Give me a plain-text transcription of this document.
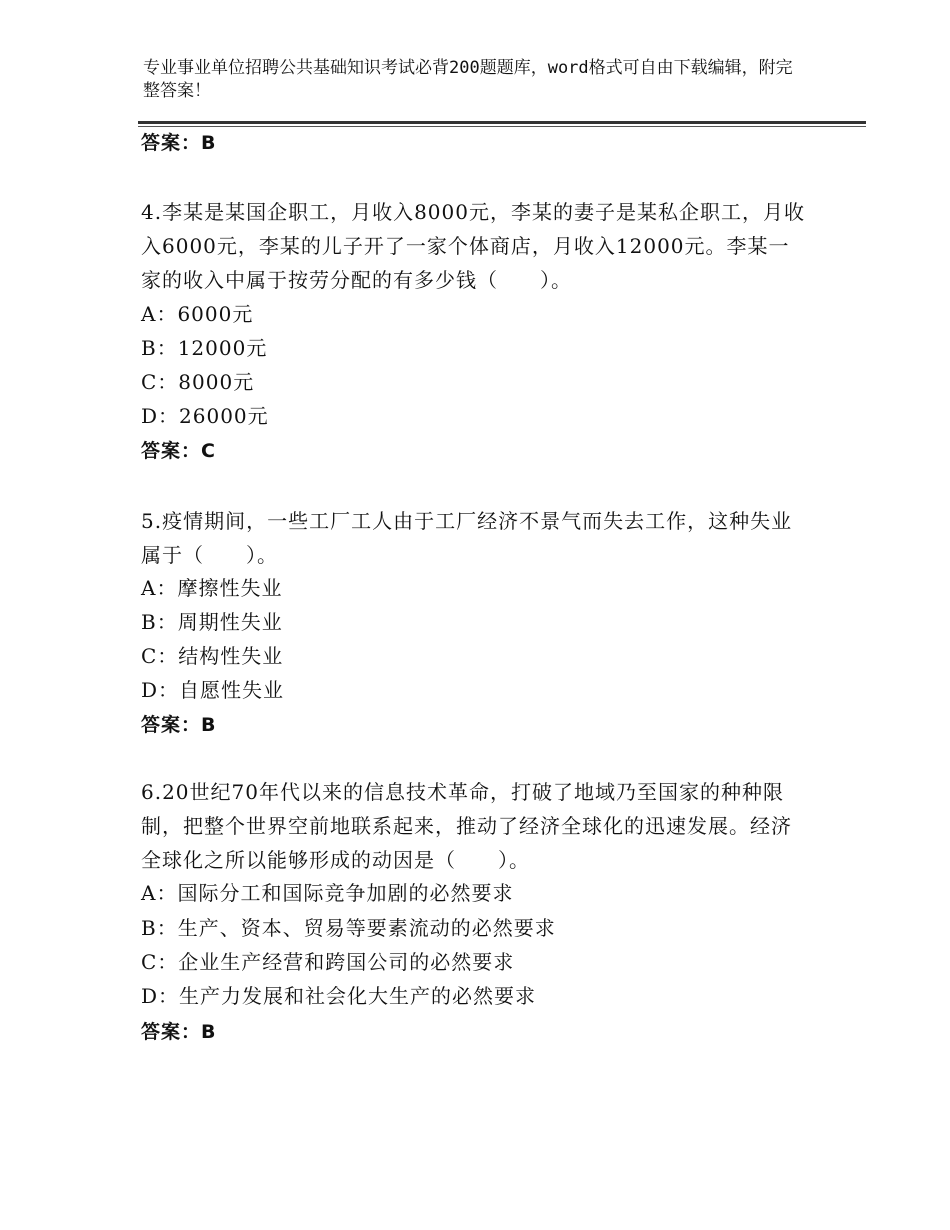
专业事业单位招聘公共基础知识考试必背200题题库，word格式可自由下载编辑，附完整答案！
答案：B
4.李某是某国企职工，月收入8000元，李某的妻子是某私企职工，月收入6000元，李某的儿子开了一家个体商店，月收入12000元。李某一家的收入中属于按劳分配的有多少钱（　　）。
A：6000元
B：12000元
C：8000元
D：26000元
答案：C
5.疫情期间，一些工厂工人由于工厂经济不景气而失去工作，这种失业属于（　　）。
A：摩擦性失业
B：周期性失业
C：结构性失业
D：自愿性失业
答案：B
6.20世纪70年代以来的信息技术革命，打破了地域乃至国家的种种限制，把整个世界空前地联系起来，推动了经济全球化的迅速发展。经济全球化之所以能够形成的动因是（　　）。
A：国际分工和国际竞争加剧的必然要求
B：生产、资本、贸易等要素流动的必然要求
C：企业生产经营和跨国公司的必然要求
D：生产力发展和社会化大生产的必然要求
答案：B
